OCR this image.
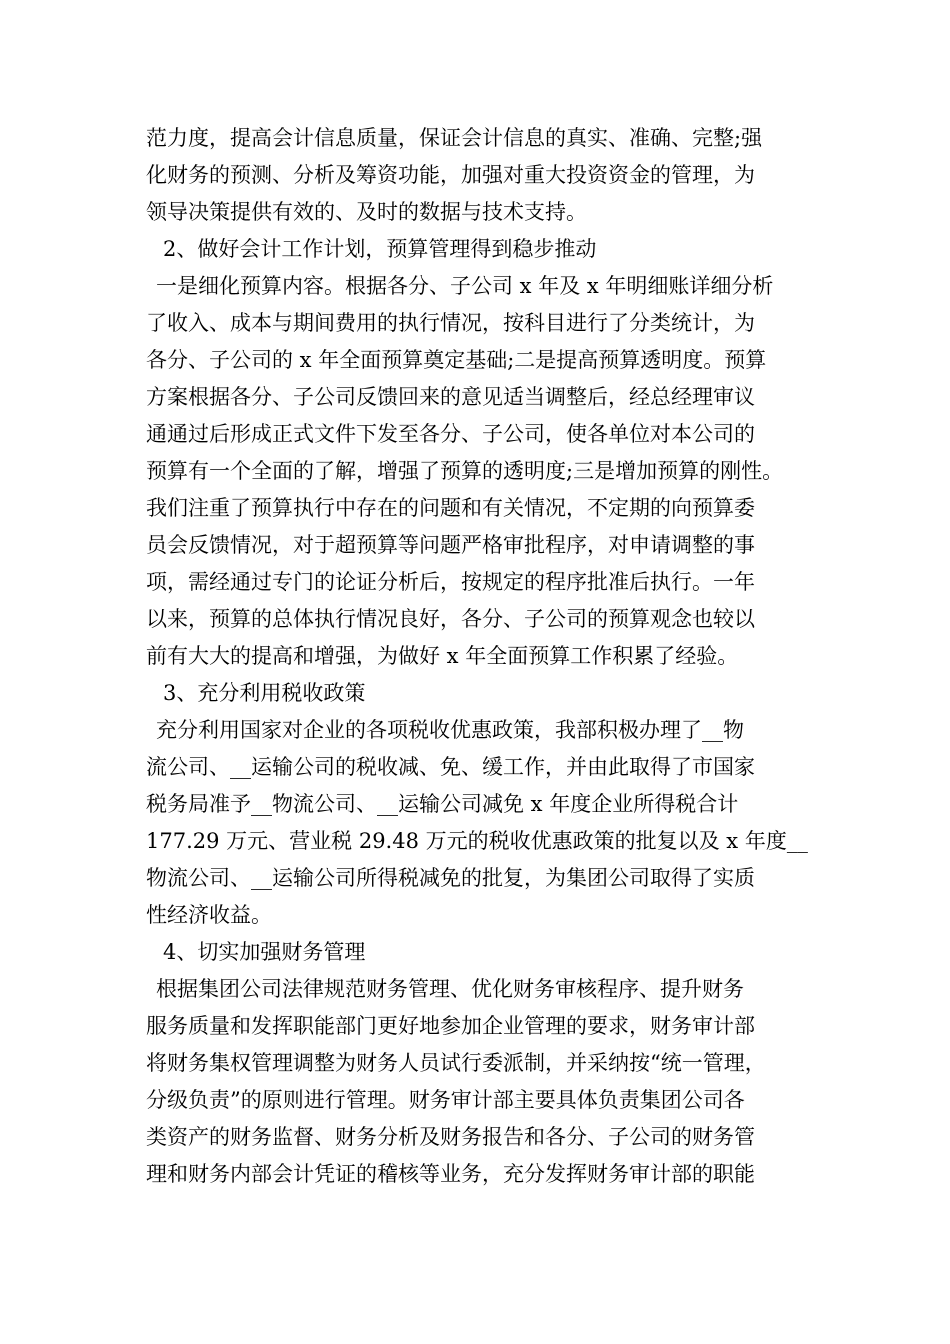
范力度，提高会计信息质量，保证会计信息的真实、准确、完整;强
化财务的预测、分析及筹资功能，加强对重大投资资金的管理，为
领导决策提供有效的、及时的数据与技术支持。
2、做好会计工作计划，预算管理得到稳步推动
一是细化预算内容。根据各分、子公司 x 年及 x 年明细账详细分析
了收入、成本与期间费用的执行情况，按科目进行了分类统计，为
各分、子公司的 x 年全面预算奠定基础;二是提高预算透明度。预算
方案根据各分、子公司反馈回来的意见适当调整后，经总经理审议
通通过后形成正式文件下发至各分、子公司，使各单位对本公司的
预算有一个全面的了解，增强了预算的透明度;三是增加预算的刚性。
我们注重了预算执行中存在的问题和有关情况，不定期的向预算委
员会反馈情况，对于超预算等问题严格审批程序，对申请调整的事
项，需经通过专门的论证分析后，按规定的程序批准后执行。一年
以来，预算的总体执行情况良好，各分、子公司的预算观念也较以
前有大大的提高和增强，为做好 x 年全面预算工作积累了经验。
3、充分利用税收政策
充分利用国家对企业的各项税收优惠政策，我部积极办理了__物
流公司、__运输公司的税收减、免、缓工作，并由此取得了市国家
税务局准予__物流公司、__运输公司减免 x 年度企业所得税合计
177.29 万元、营业税 29.48 万元的税收优惠政策的批复以及 x 年度__
物流公司、__运输公司所得税减免的批复，为集团公司取得了实质
性经济收益。
4、切实加强财务管理
根据集团公司法律规范财务管理、优化财务审核程序、提升财务
服务质量和发挥职能部门更好地参加企业管理的要求，财务审计部
将财务集权管理调整为财务人员试行委派制，并采纳按“统一管理，
分级负责”的原则进行管理。财务审计部主要具体负责集团公司各
类资产的财务监督、财务分析及财务报告和各分、子公司的财务管
理和财务内部会计凭证的稽核等业务，充分发挥财务审计部的职能
